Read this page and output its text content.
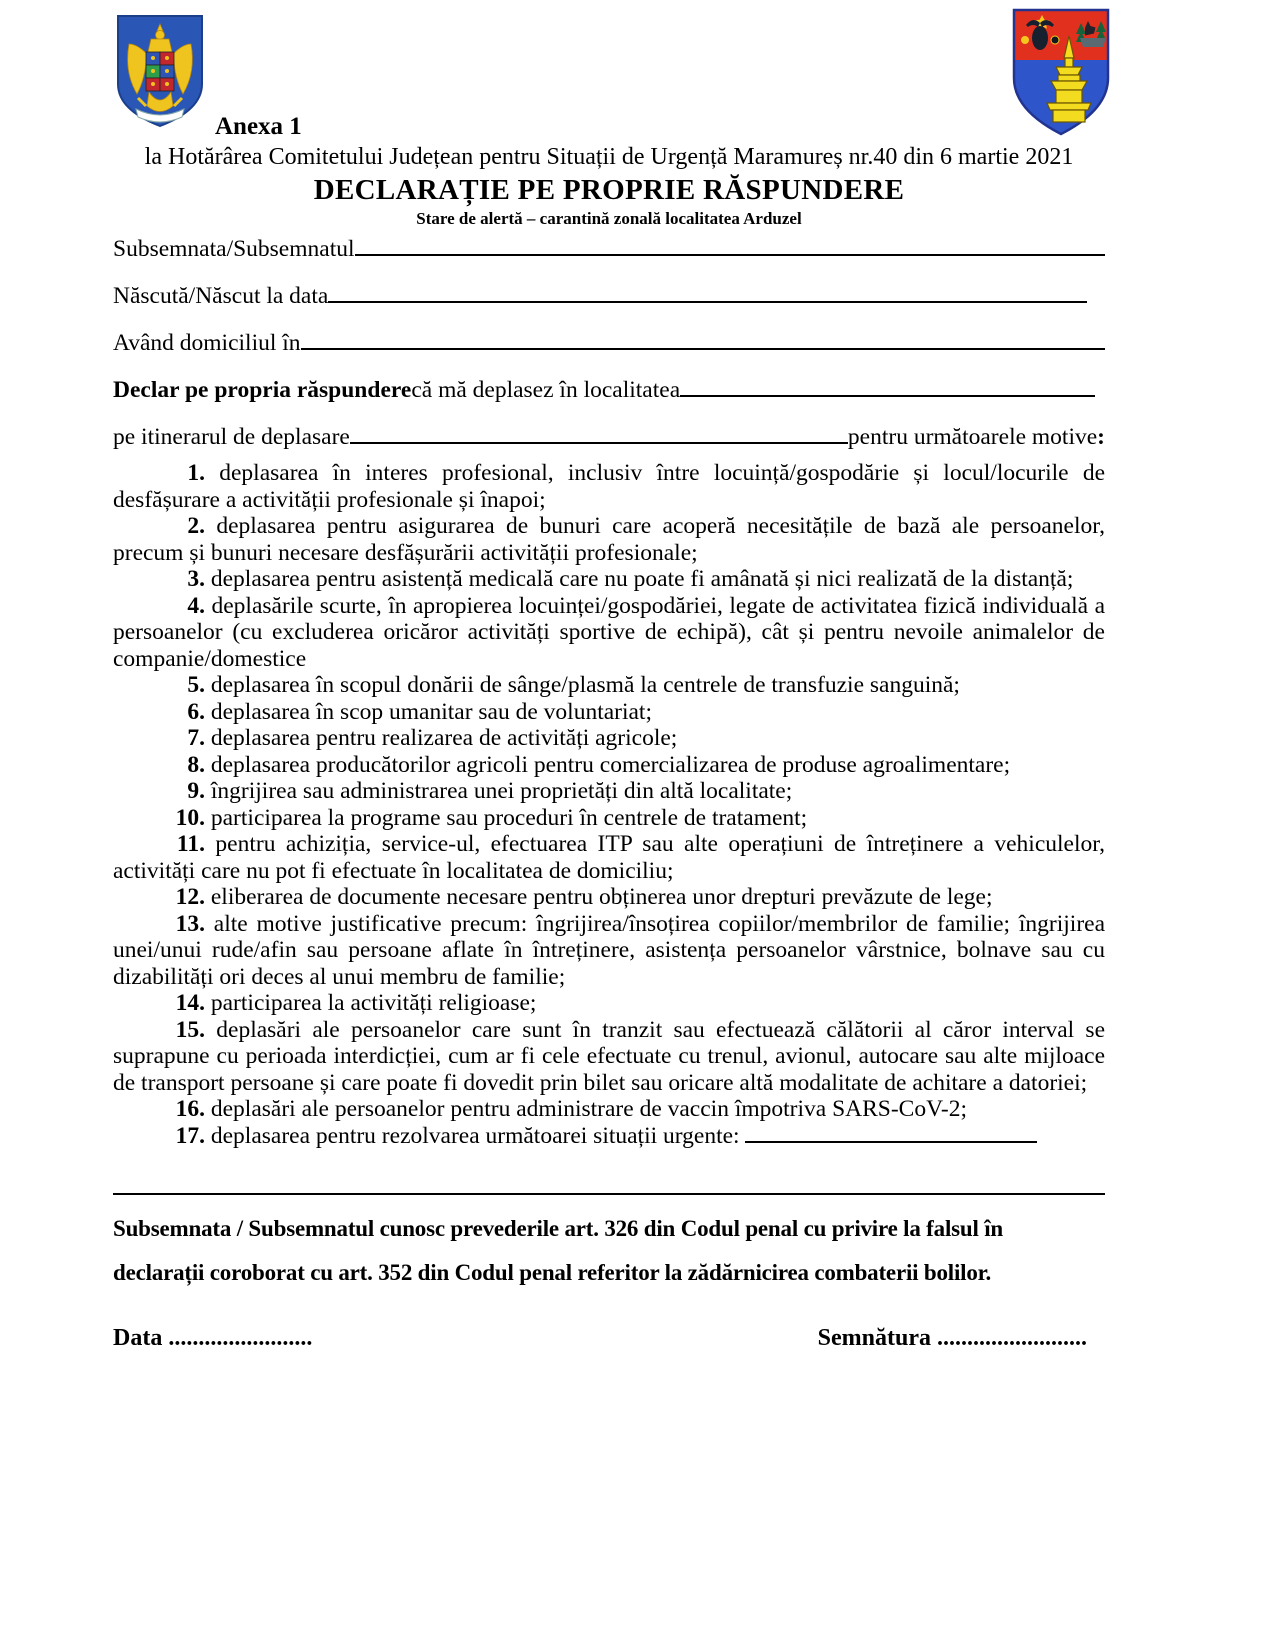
Anexa 1
la Hotărârea Comitetului Județean pentru Situații de Urgență Maramureș nr.40 din 6 martie 2021
DECLARAȚIE PE PROPRIE RĂSPUNDERE
Stare de alertă – carantină zonală localitatea Arduzel
Subsemnata/Subsemnatul
Născută/Născut la data
Având domiciliul în
Declar pe propria răspundere că mă deplasez în localitatea
pe itinerarul de deplasare	pentru următoarele motive :

1. deplasarea în interes profesional, inclusiv între locuință/gospodărie și locul/locurile de desfășurare a activității profesionale și înapoi;

2. deplasarea pentru asigurarea de bunuri care acoperă necesitățile de bază ale persoanelor, precum și bunuri necesare desfășurării activității profesionale;

3. deplasarea pentru asistență medicală care nu poate fi amânată și nici realizată de la distanță;

4. deplasările scurte, în apropierea locuinței/gospodăriei, legate de activitatea fizică individuală a persoanelor (cu excluderea oricăror activități sportive de echipă), cât și pentru nevoile animalelor de companie/domestice

5. deplasarea în scopul donării de sânge/plasmă la centrele de transfuzie sanguină;

6. deplasarea în scop umanitar sau de voluntariat;

7. deplasarea pentru realizarea de activități agricole;

8. deplasarea producătorilor agricoli pentru comercializarea de produse agroalimentare;

9. îngrijirea sau administrarea unei proprietăți din altă localitate;

10. participarea la programe sau proceduri în centrele de tratament;

11. pentru achiziția, service-ul, efectuarea ITP sau alte operațiuni de întreținere a vehiculelor, activități care nu pot fi efectuate în localitatea de domiciliu;

12. eliberarea de documente necesare pentru obținerea unor drepturi prevăzute de lege;

13. alte motive justificative precum: îngrijirea/însoțirea copiilor/membrilor de familie; îngrijirea unei/unui rude/afin sau persoane aflate în întreținere, asistența persoanelor vârstnice, bolnave sau cu dizabilități ori deces al unui membru de familie;

14. participarea la activități religioase;

15. deplasări ale persoanelor care sunt în tranzit sau efectuează călătorii al căror interval se suprapune cu perioada interdicției, cum ar fi cele efectuate cu trenul, avionul, autocare sau alte mijloace de transport persoane și care poate fi dovedit prin bilet sau oricare altă modalitate de achitare a datoriei;

16. deplasări ale persoanelor pentru administrare de vaccin împotriva SARS-CoV-2;

17. deplasarea pentru rezolvarea următoarei situații urgente:

Subsemnata / Subsemnatul cunosc prevederile art. 326 din Codul penal cu privire la falsul în
declarații coroborat cu art. 352 din Codul penal referitor la zădărnicirea combaterii bolilor.
Data ........................	Semnătura .........................
